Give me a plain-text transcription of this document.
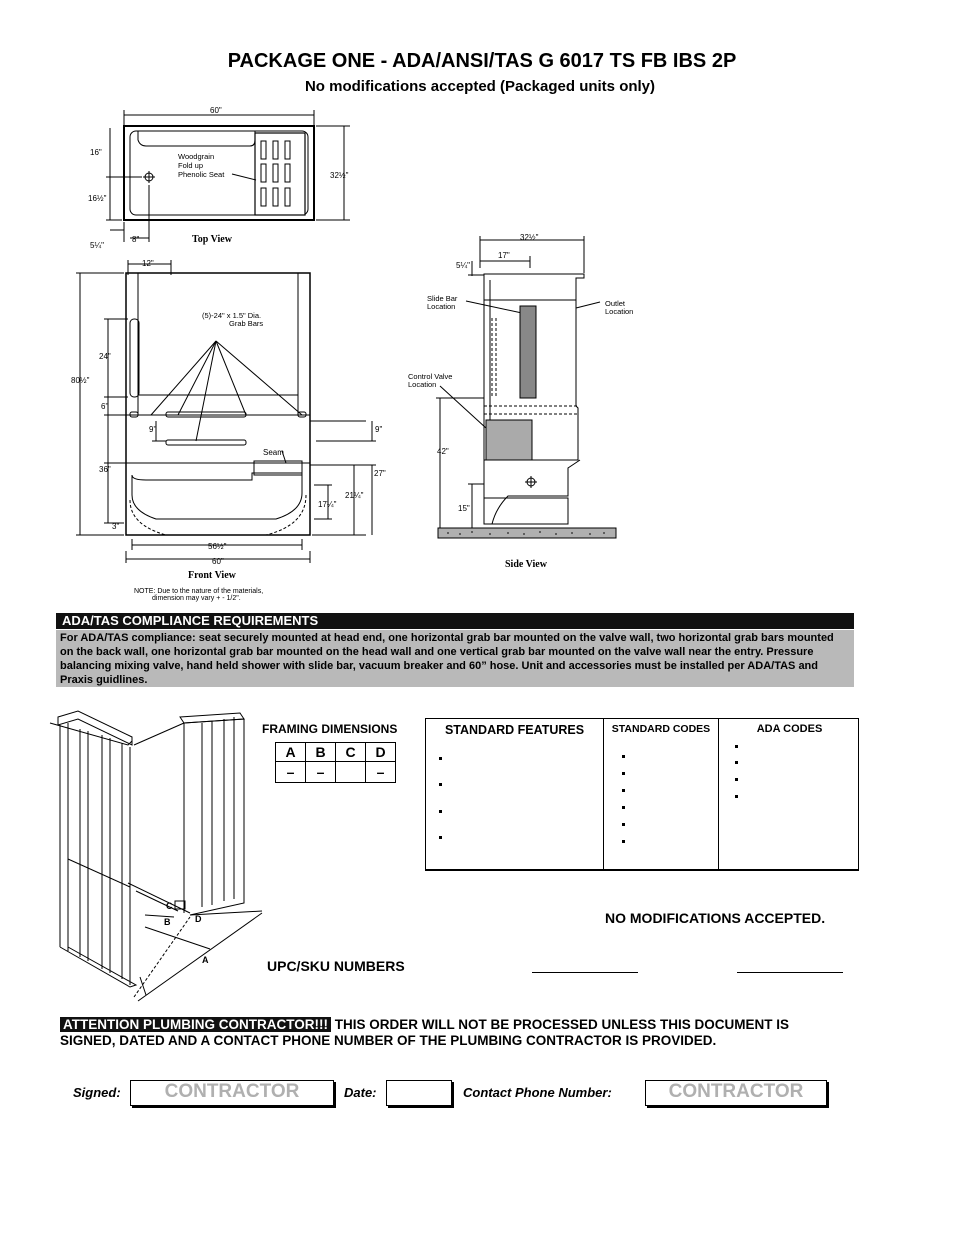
PACKAGE ONE - ADA/ANSI/TAS G 6017 TS FB IBS 2P
No modifications accepted (Packaged units only)
60"
32½"
16"
16½"
8"
5¼"
Woodgrain
Fold up
Phenolic Seat
Top View
12"
80½"
24"
6"
9"	9"
36"	27"
17¼"
21¼"
3"
56½"
60"
(5)-24" x 1.5" Dia.
Grab Bars
Seam
Front View
NOTE: Due to the nature of the materials,
dimension may vary + - 1/2".
32½"
17"
5¼"
42"
15"
Slide Bar
Location	Outlet
Location
Control Valve
Location
Side View
ADA/TAS COMPLIANCE REQUIREMENTS
For ADA/TAS compliance: seat securely mounted at head end, one horizontal grab bar mounted on the valve wall, two horizontal grab bars mounted on the back wall, one horizontal grab bar mounted on the head wall and one vertical grab bar mounted on the valve wall near the entry. Pressure balancing mixing valve, hand held shower with slide bar, vacuum breaker and 60” hose. Unit and accessories must be installed per ADA/TAS and Praxis guidlines.
C
B	D
A
FRAMING DIMENSIONS
A	B	C	D
–	–		–
STANDARD FEATURES	STANDARD CODES	ADA CODES
NO MODIFICATIONS ACCEPTED.
UPC/SKU NUMBERS
ATTENTION PLUMBING CONTRACTOR!!! THIS ORDER WILL NOT BE PROCESSED UNLESS THIS DOCUMENT IS SIGNED, DATED AND A CONTACT PHONE NUMBER OF THE PLUMBING CONTRACTOR IS PROVIDED.
Signed:	CONTRACTOR	Date:	Contact Phone Number:	CONTRACTOR
